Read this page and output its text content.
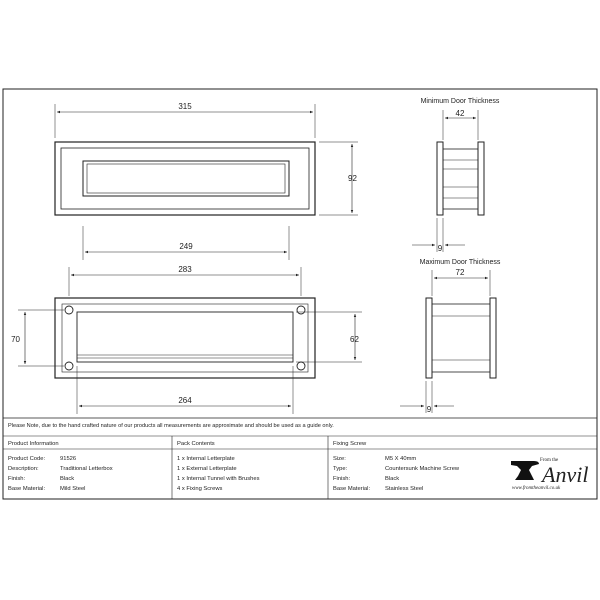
315
92
249
283
70	62
264
Minimum Door Thickness
42
9
Maximum Door Thickness
72
9
Please Note, due to the hand crafted nature of our products all measurements are approximate and should be used as a guide only.
Product Information
Product Code:	91526
Description:	Traditional Letterbox
Finish:	Black
Base Material:	Mild Steel
Pack Contents
1 x Internal Letterplate
1 x External Letterplate
1 x Internal Tunnel with Brushes
4 x Fixing Screws
Fixing Screw
Size:	M5 X 40mm
Type:	Countersunk Machine Screw
Finish:	Black
Base Material:	Stainless Steel
From the
Anvil
www.fromtheanvil.co.uk
